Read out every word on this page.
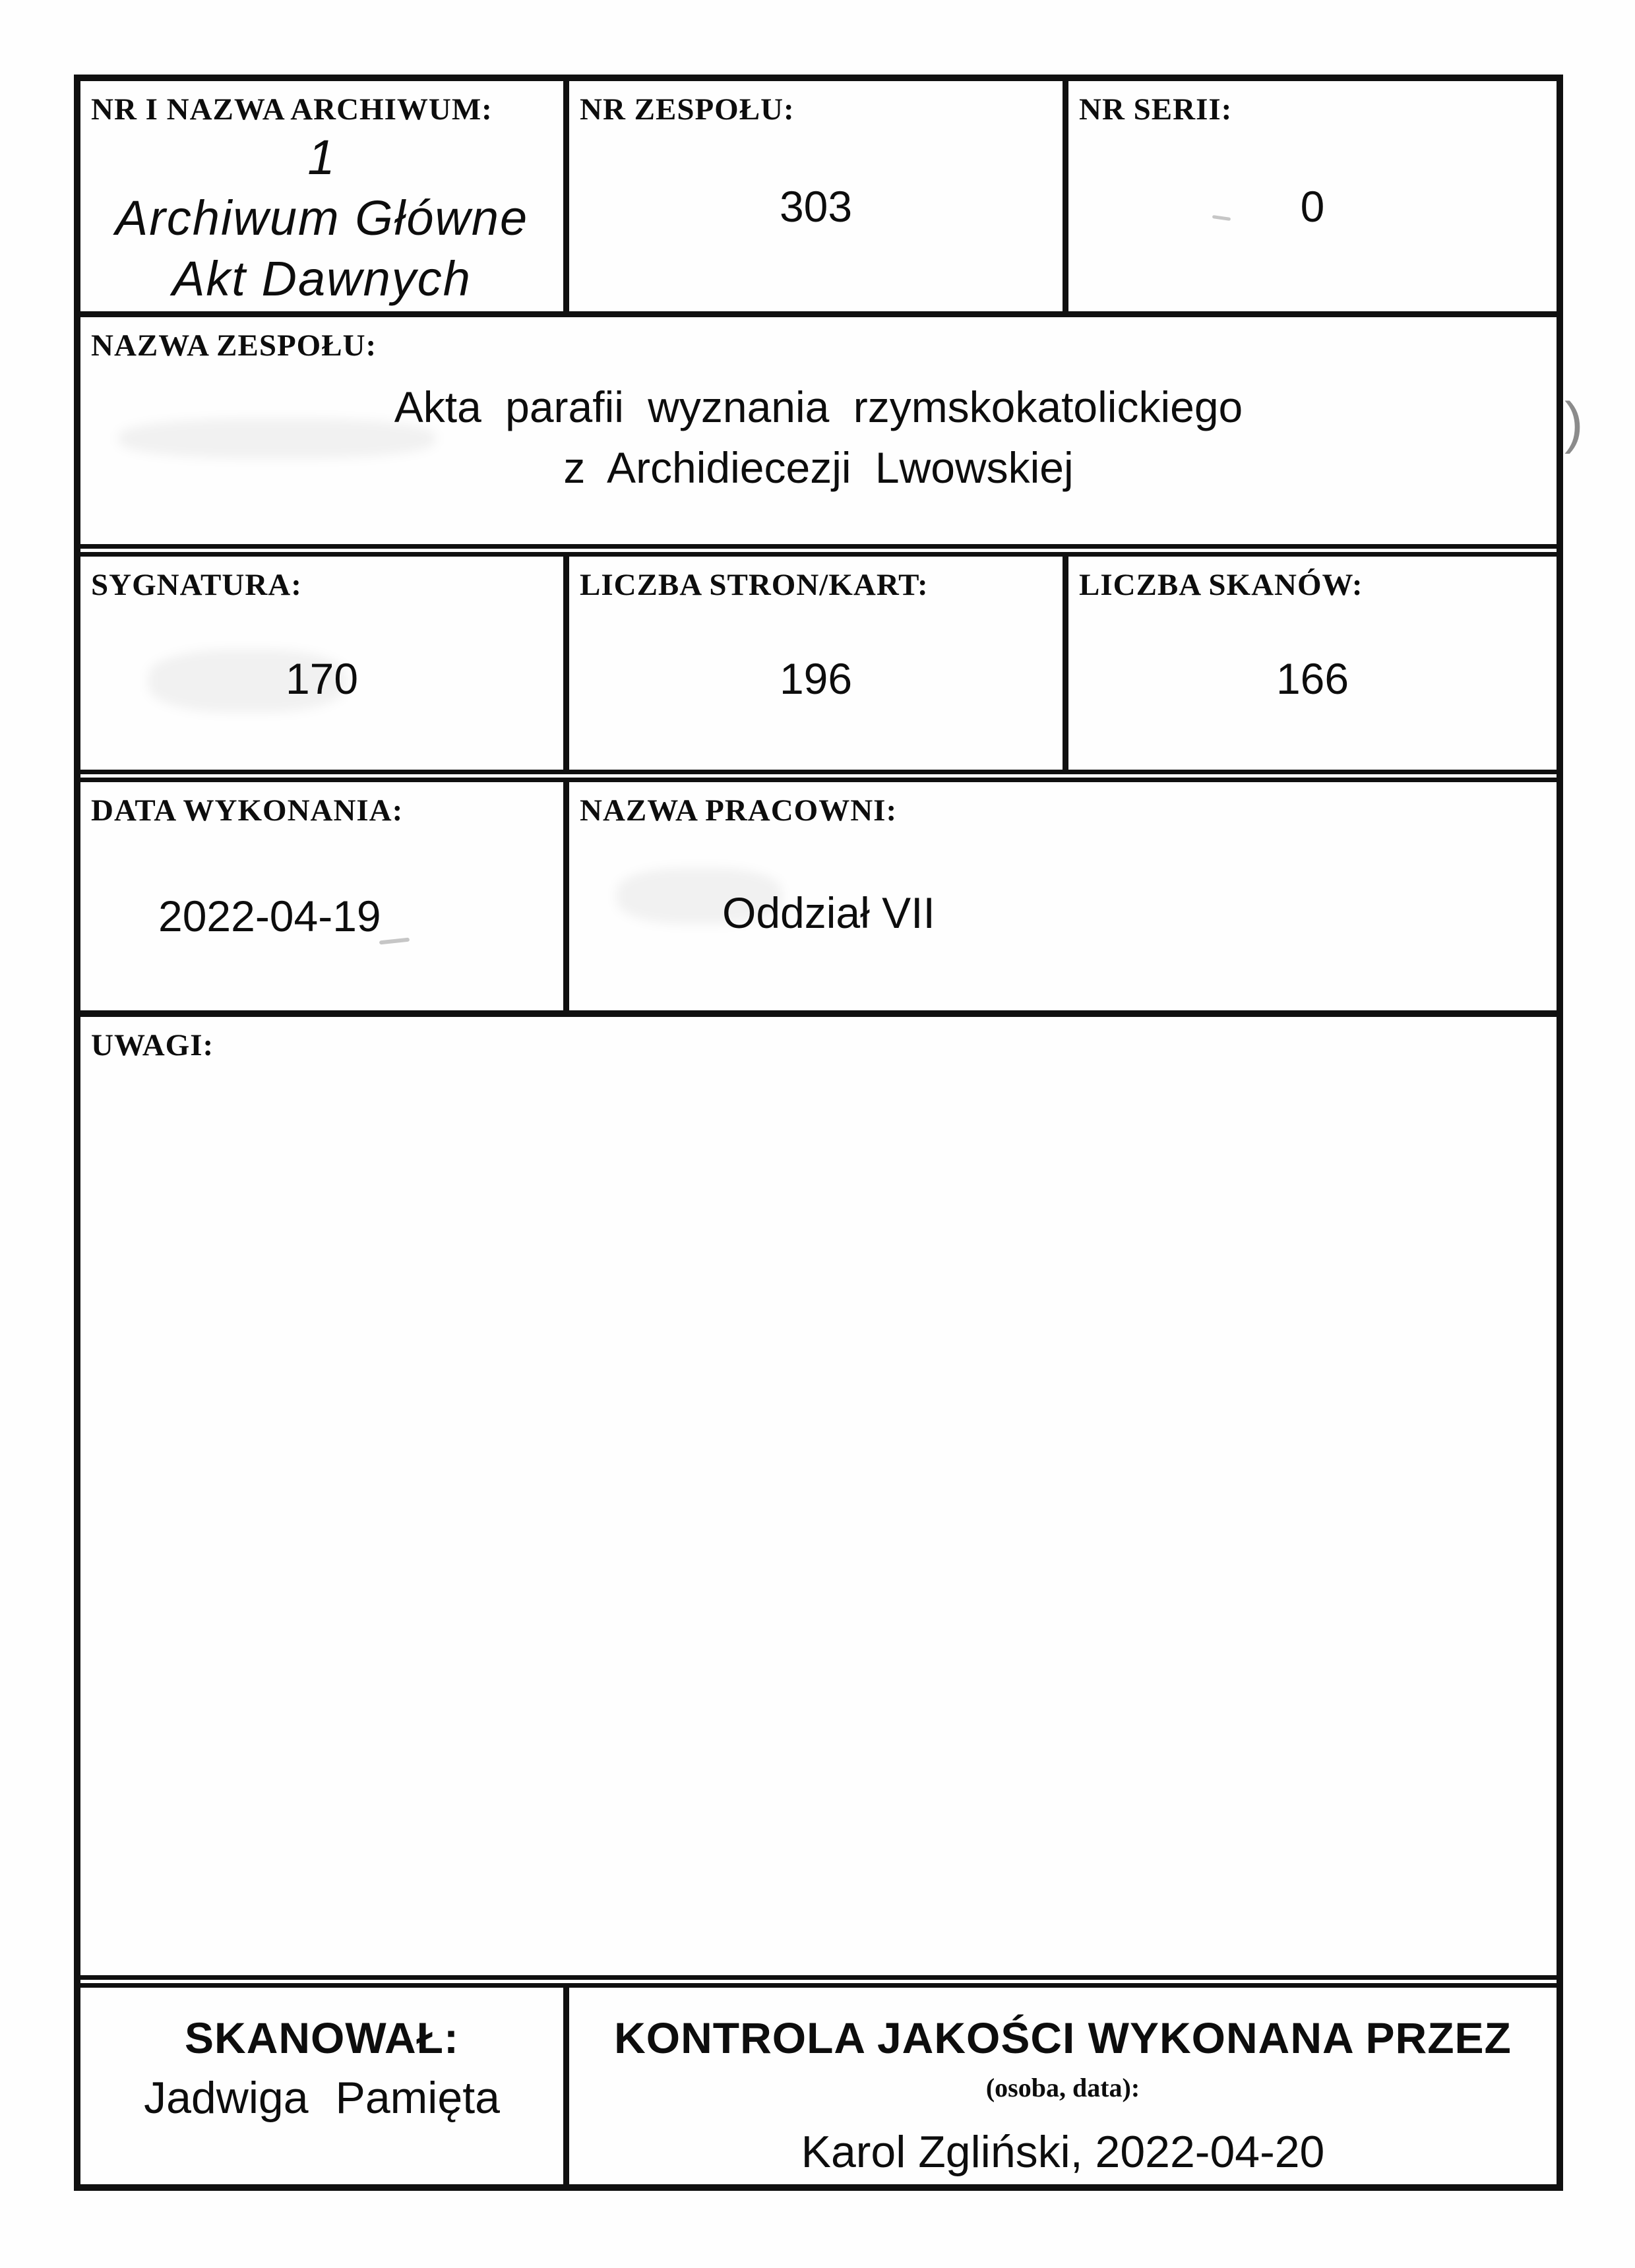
NR I NAZWA ARCHIWUM:
1
Archiwum Główne
Akt Dawnych
NR ZESPOŁU:
303
NR SERII:
0
NAZWA ZESPOŁU:
Akta parafii wyznania rzymskokatolickiego
z Archidiecezji Lwowskiej
SYGNATURA:
170
LICZBA STRON/KART:
196
LICZBA SKANÓW:
166
DATA WYKONANIA:
2022-04-19
NAZWA PRACOWNI:
Oddział VII
UWAGI:
SKANOWAŁ:
Jadwiga Pamięta
KONTROLA JAKOŚCI WYKONANA PRZEZ
(osoba, data):
Karol Zgliński, 2022-04-20
)
